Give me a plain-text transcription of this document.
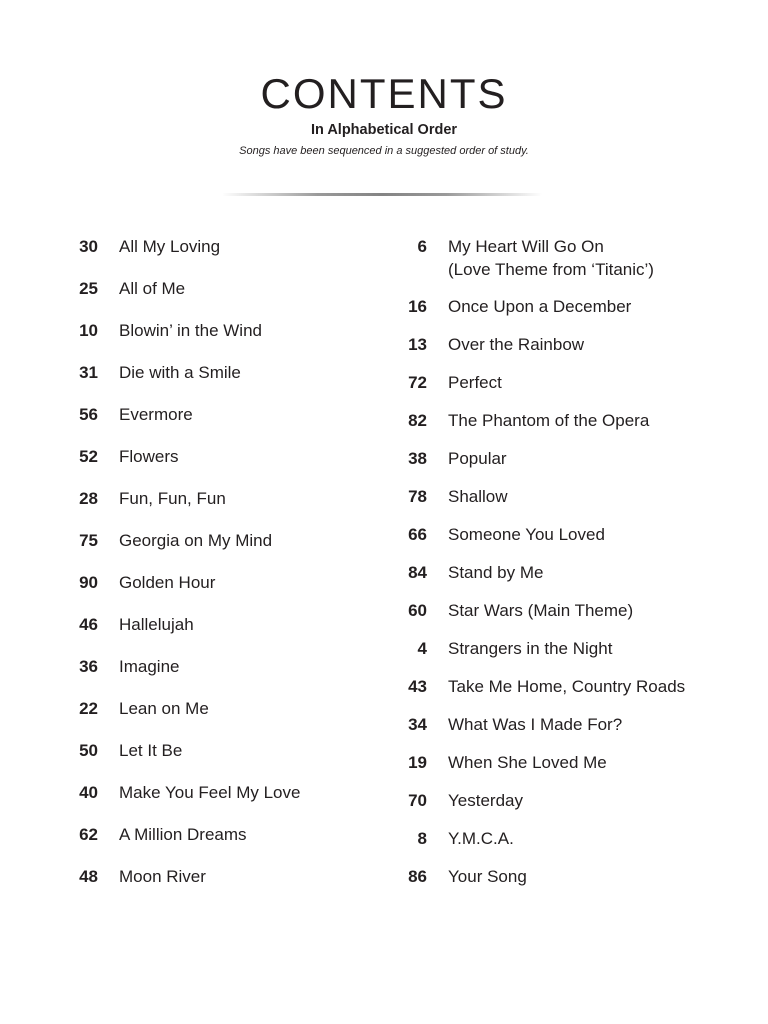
CONTENTS
In Alphabetical Order
Songs have been sequenced in a suggested order of study.
30 All My Loving
25 All of Me
10 Blowin’ in the Wind
31 Die with a Smile
56 Evermore
52 Flowers
28 Fun, Fun, Fun
75 Georgia on My Mind
90 Golden Hour
46 Hallelujah
36 Imagine
22 Lean on Me
50 Let It Be
40 Make You Feel My Love
62 A Million Dreams
48 Moon River
6 My Heart Will Go On
(Love Theme from ‘Titanic’)
16 Once Upon a December
13 Over the Rainbow
72 Perfect
82 The Phantom of the Opera
38 Popular
78 Shallow
66 Someone You Loved
84 Stand by Me
60 Star Wars (Main Theme)
4 Strangers in the Night
43 Take Me Home, Country Roads
34 What Was I Made For?
19 When She Loved Me
70 Yesterday
8 Y.M.C.A.
86 Your Song
